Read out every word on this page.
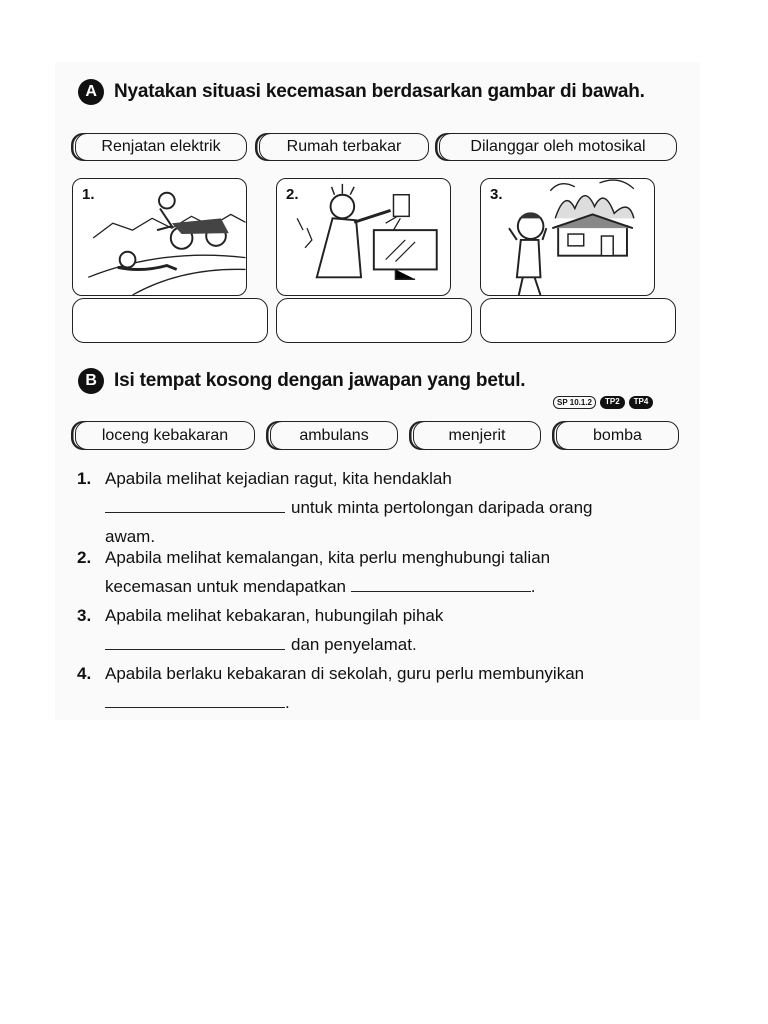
A Nyatakan situasi kecemasan berdasarkan gambar di bawah.
Renjatan elektrik	Rumah terbakar	Dilanggar oleh motosikal
1.	2.	3.
B Isi tempat kosong dengan jawapan yang betul.
SP 10.1.2	TP2	TP4
loceng kebakaran	ambulans	menjerit	bomba
1. Apabila melihat kejadian ragut, kita hendaklah
untuk minta pertolongan daripada orang
awam.
2. Apabila melihat kemalangan, kita perlu menghubungi talian
kecemasan untuk mendapatkan	.
3. Apabila melihat kebakaran, hubungilah pihak
dan penyelamat.
4. Apabila berlaku kebakaran di sekolah, guru perlu membunyikan
.
